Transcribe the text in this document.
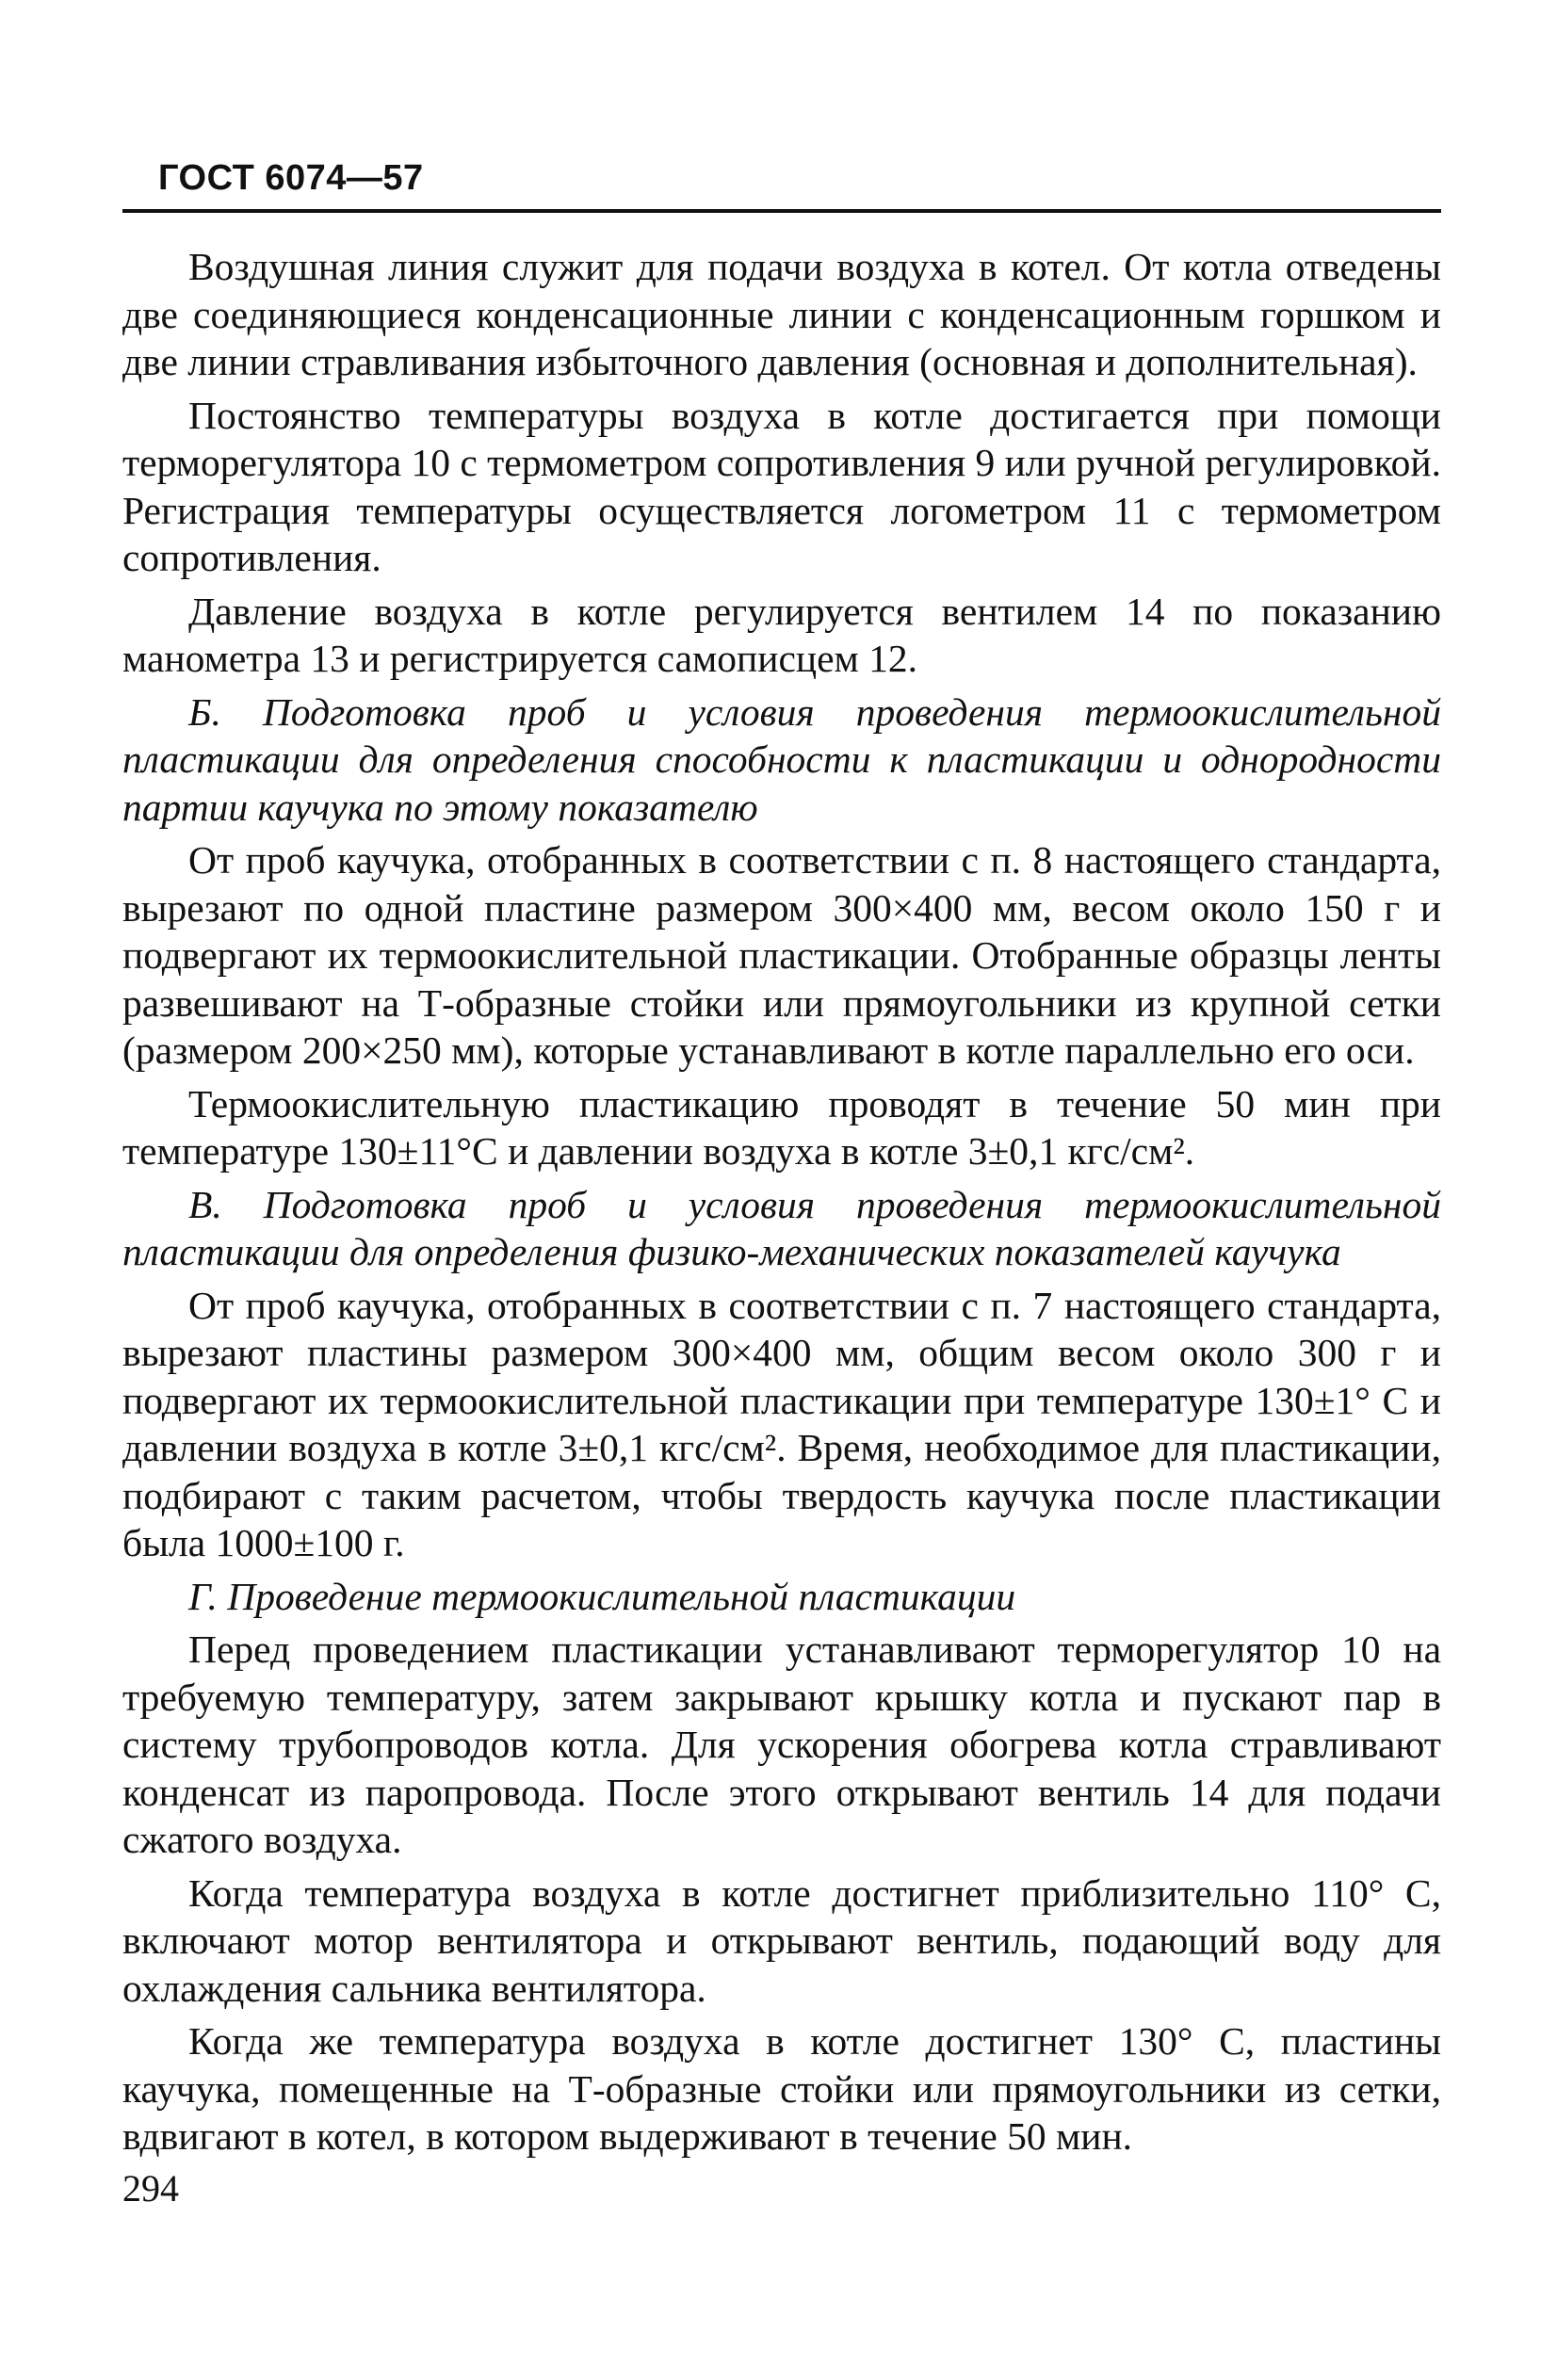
ГОСТ 6074—57

Воздушная линия служит для подачи воздуха в котел. От котла отведены две соединяющиеся конденсационные линии с конденсационным горшком и две линии стравливания избыточного давления (основная и дополнительная).

Постоянство температуры воздуха в котле достигается при помощи терморегулятора 10 с термометром сопротивления 9 или ручной регулировкой. Регистрация температуры осуществляется логометром 11 с термометром сопротивления.

Давление воздуха в котле регулируется вентилем 14 по показанию манометра 13 и регистрируется самописцем 12.

Б. Подготовка проб и условия проведения термоокислительной пластикации для определения способности к пластикации и однородности партии каучука по этому показателю

От проб каучука, отобранных в соответствии с п. 8 настоящего стандарта, вырезают по одной пластине размером 300×400 мм, весом около 150 г и подвергают их термоокислительной пластикации. Отобранные образцы ленты развешивают на Т-образные стойки или прямоугольники из крупной сетки (размером 200×250 мм), которые устанавливают в котле параллельно его оси.

Термоокислительную пластикацию проводят в течение 50 мин при температуре 130±11°С и давлении воздуха в котле 3±0,1 кгс/см².

В. Подготовка проб и условия проведения термоокислительной пластикации для определения физико-механических показателей каучука

От проб каучука, отобранных в соответствии с п. 7 настоящего стандарта, вырезают пластины размером 300×400 мм, общим весом около 300 г и подвергают их термоокислительной пластикации при температуре 130±1° С и давлении воздуха в котле 3±0,1 кгс/см². Время, необходимое для пластикации, подбирают с таким расчетом, чтобы твердость каучука после пластикации была 1000±100 г.

Г. Проведение термоокислительной пластикации

Перед проведением пластикации устанавливают терморегулятор 10 на требуемую температуру, затем закрывают крышку котла и пускают пар в систему трубопроводов котла. Для ускорения обогрева котла стравливают конденсат из паропровода. После этого открывают вентиль 14 для подачи сжатого воздуха.

Когда температура воздуха в котле достигнет приблизительно 110° С, включают мотор вентилятора и открывают вентиль, подающий воду для охлаждения сальника вентилятора.

Когда же температура воздуха в котле достигнет 130° С, пластины каучука, помещенные на Т-образные стойки или прямоугольники из сетки, вдвигают в котел, в котором выдерживают в течение 50 мин.

294
